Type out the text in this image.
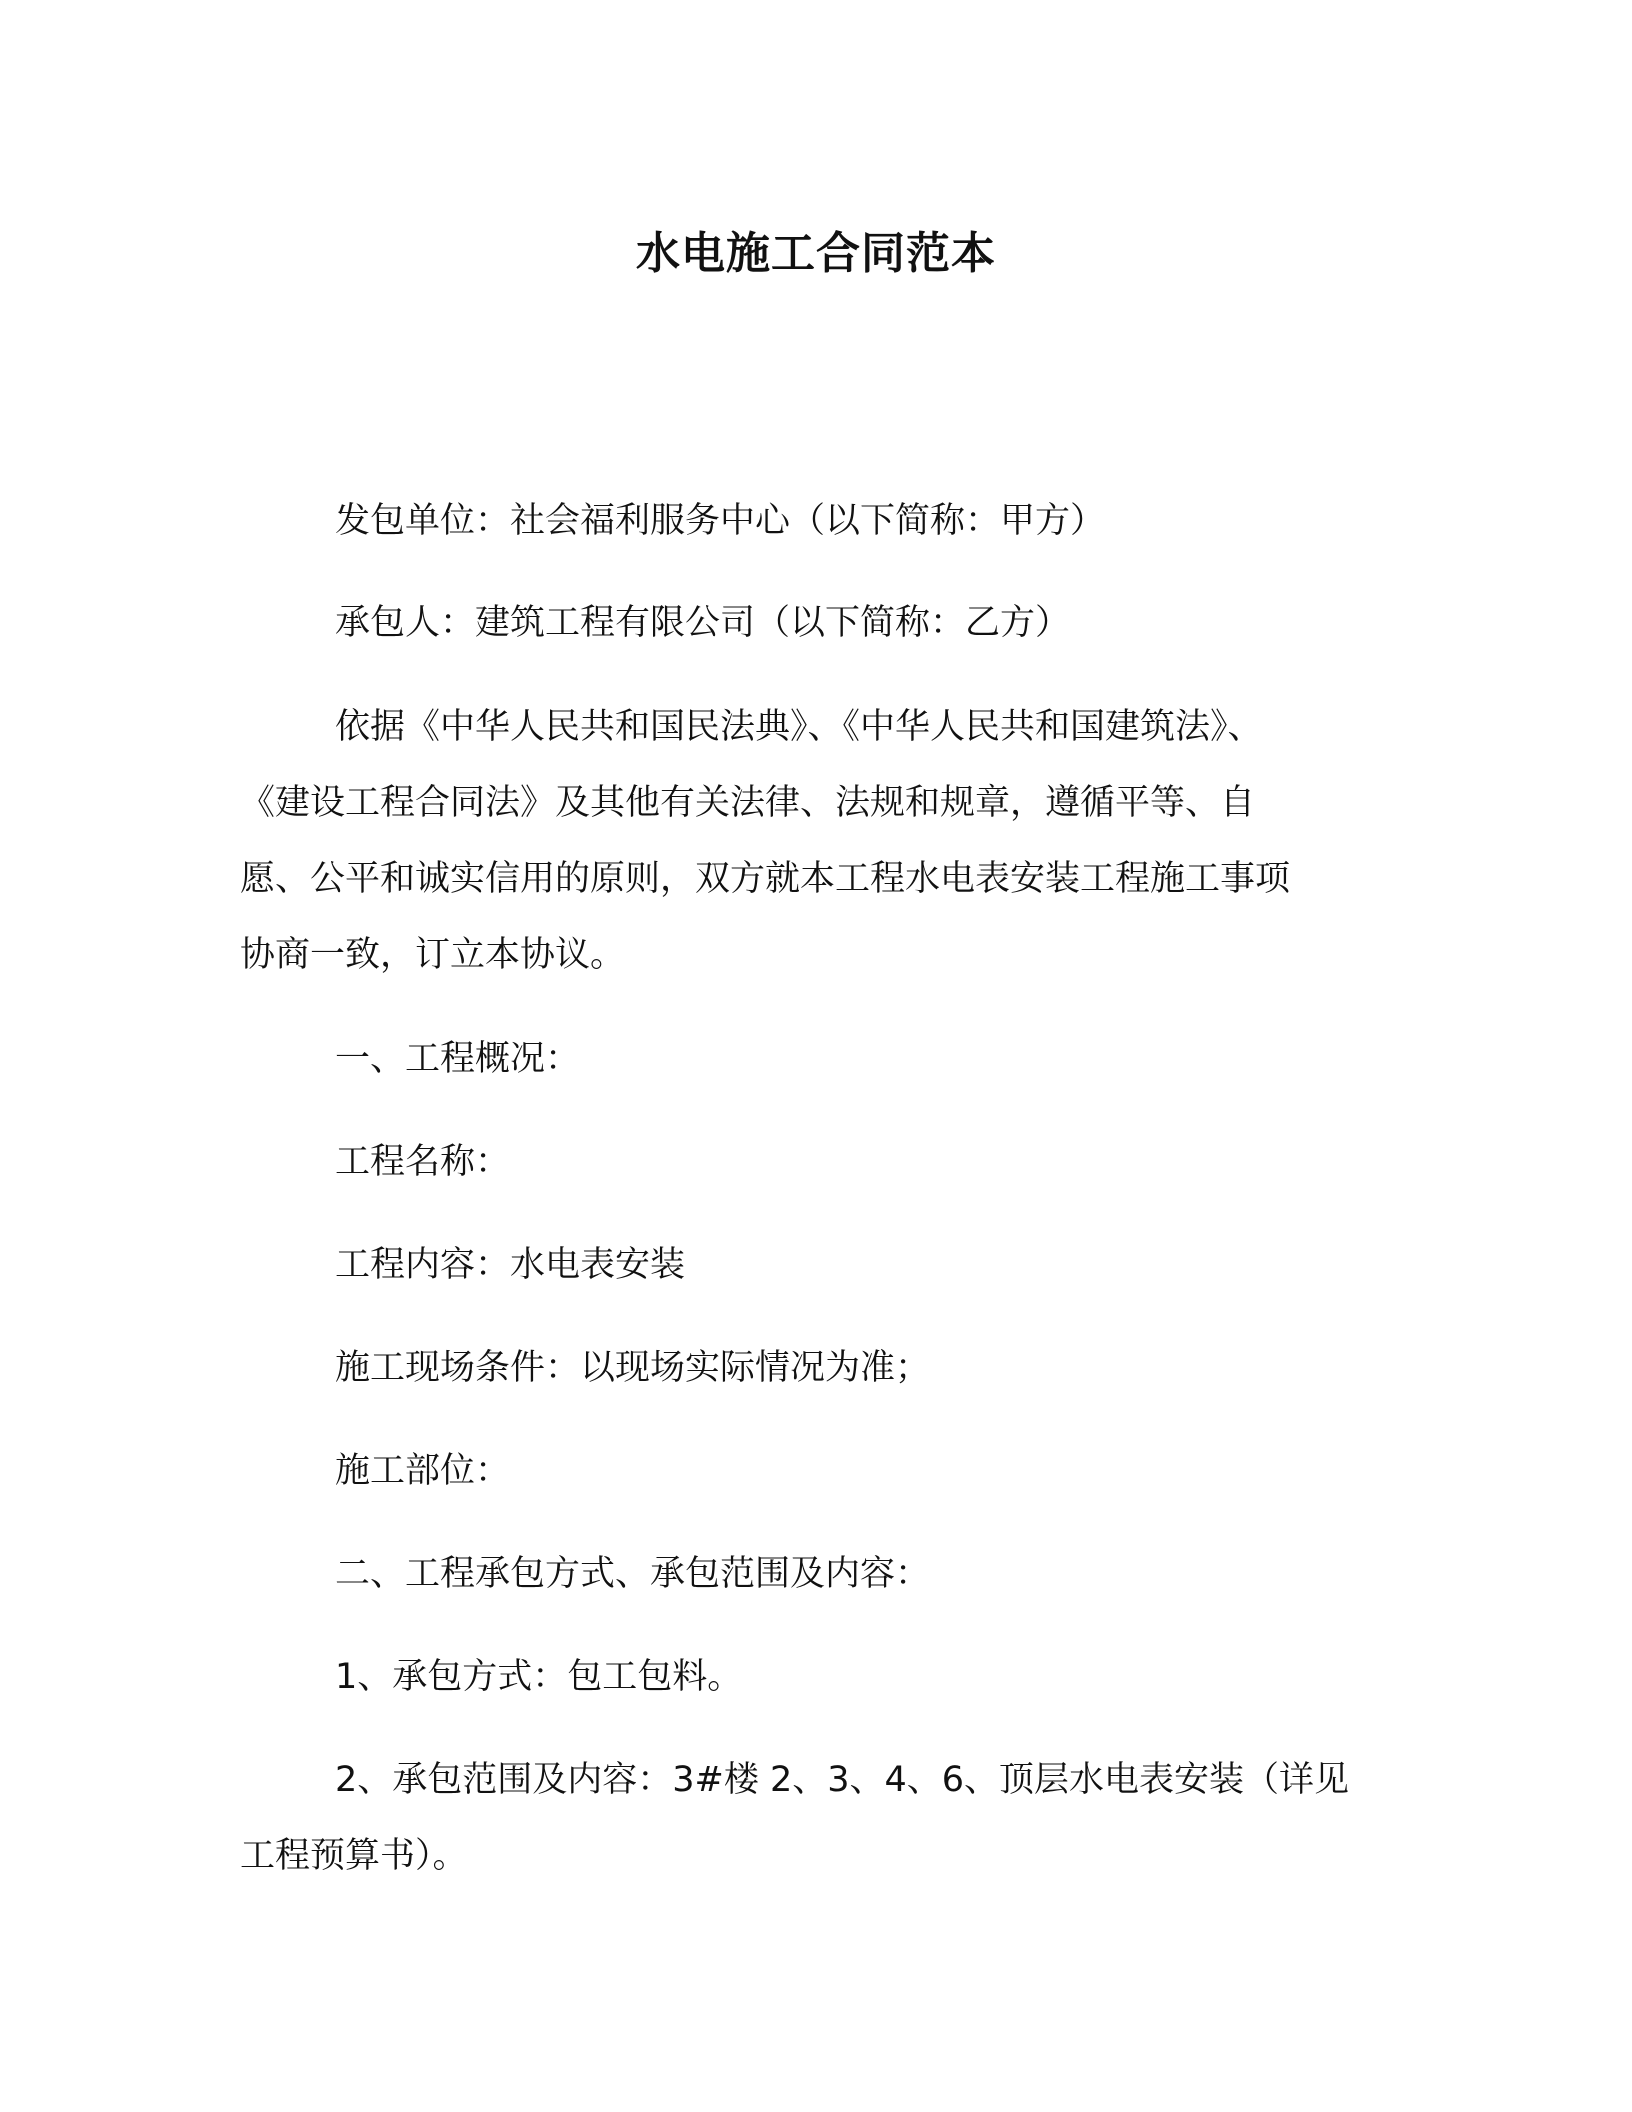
水电施工合同范本

发包单位：社会福利服务中心（以下简称：甲方）

承包人：建筑工程有限公司（以下简称：乙方）

依据《中华人民共和国民法典》、《中华人民共和国建筑法》、

《建设工程合同法》及其他有关法律、法规和规章，遵循平等、自

愿、公平和诚实信用的原则，双方就本工程水电表安装工程施工事项

协商一致，订立本协议。

一、工程概况：

工程名称：

工程内容：水电表安装

施工现场条件：以现场实际情况为准；

施工部位：

二、工程承包方式、承包范围及内容：

1、承包方式：包工包料。

2、承包范围及内容：3#楼 2、3、4、6、顶层水电表安装（详见

工程预算书）。
